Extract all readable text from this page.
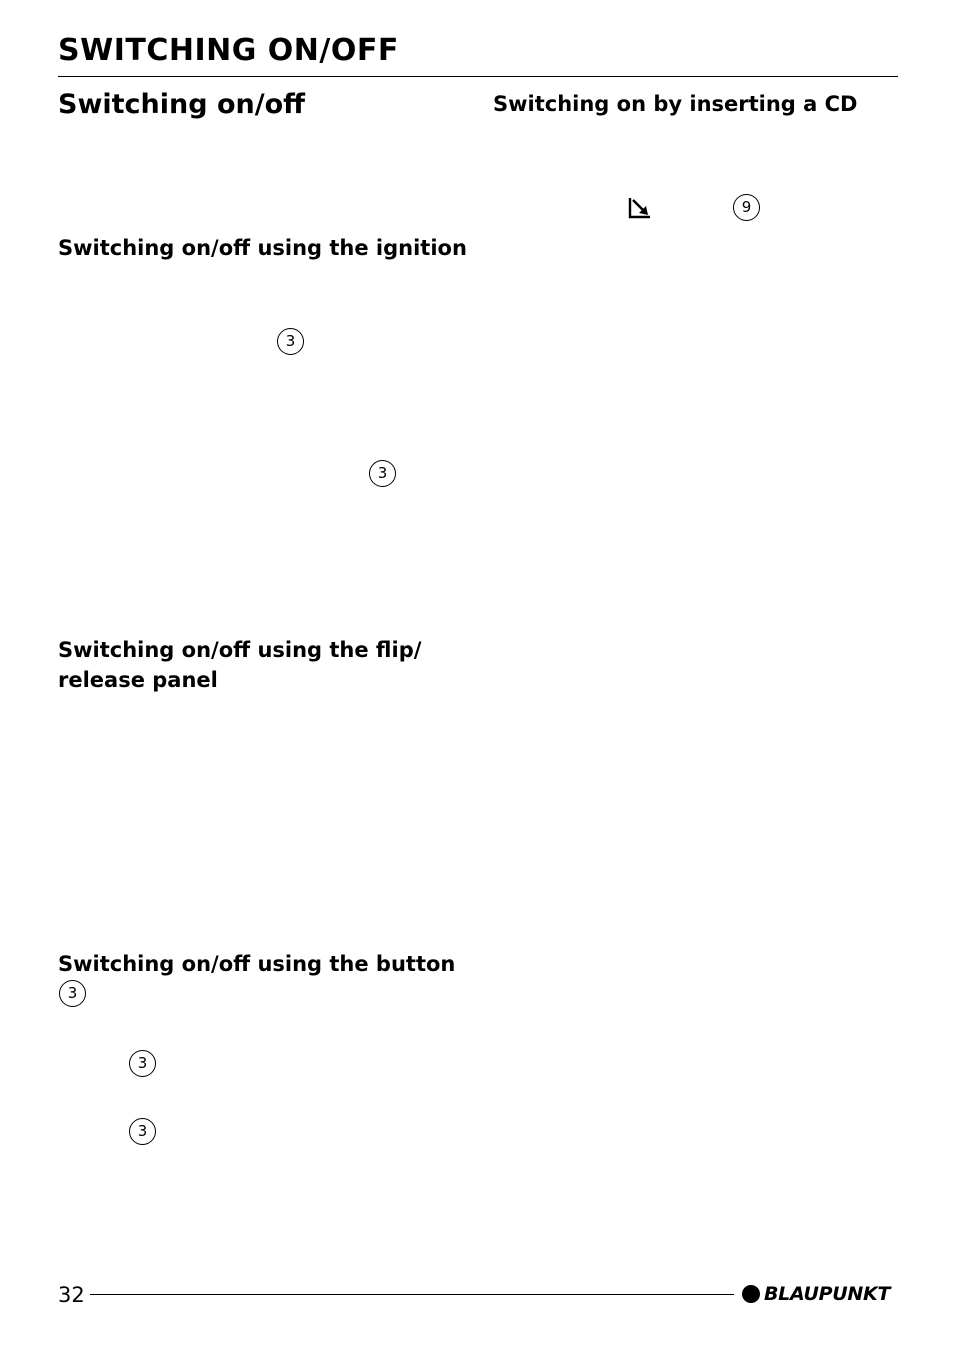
SWITCHING ON/OFF
Switching on/off	Switching on by inserting a CD
9
Switching on/off using the ignition
3
3
Switching on/off using the flip/ release panel
Switching on/off using the button
3
3
3
32	BLAUPUNKT
